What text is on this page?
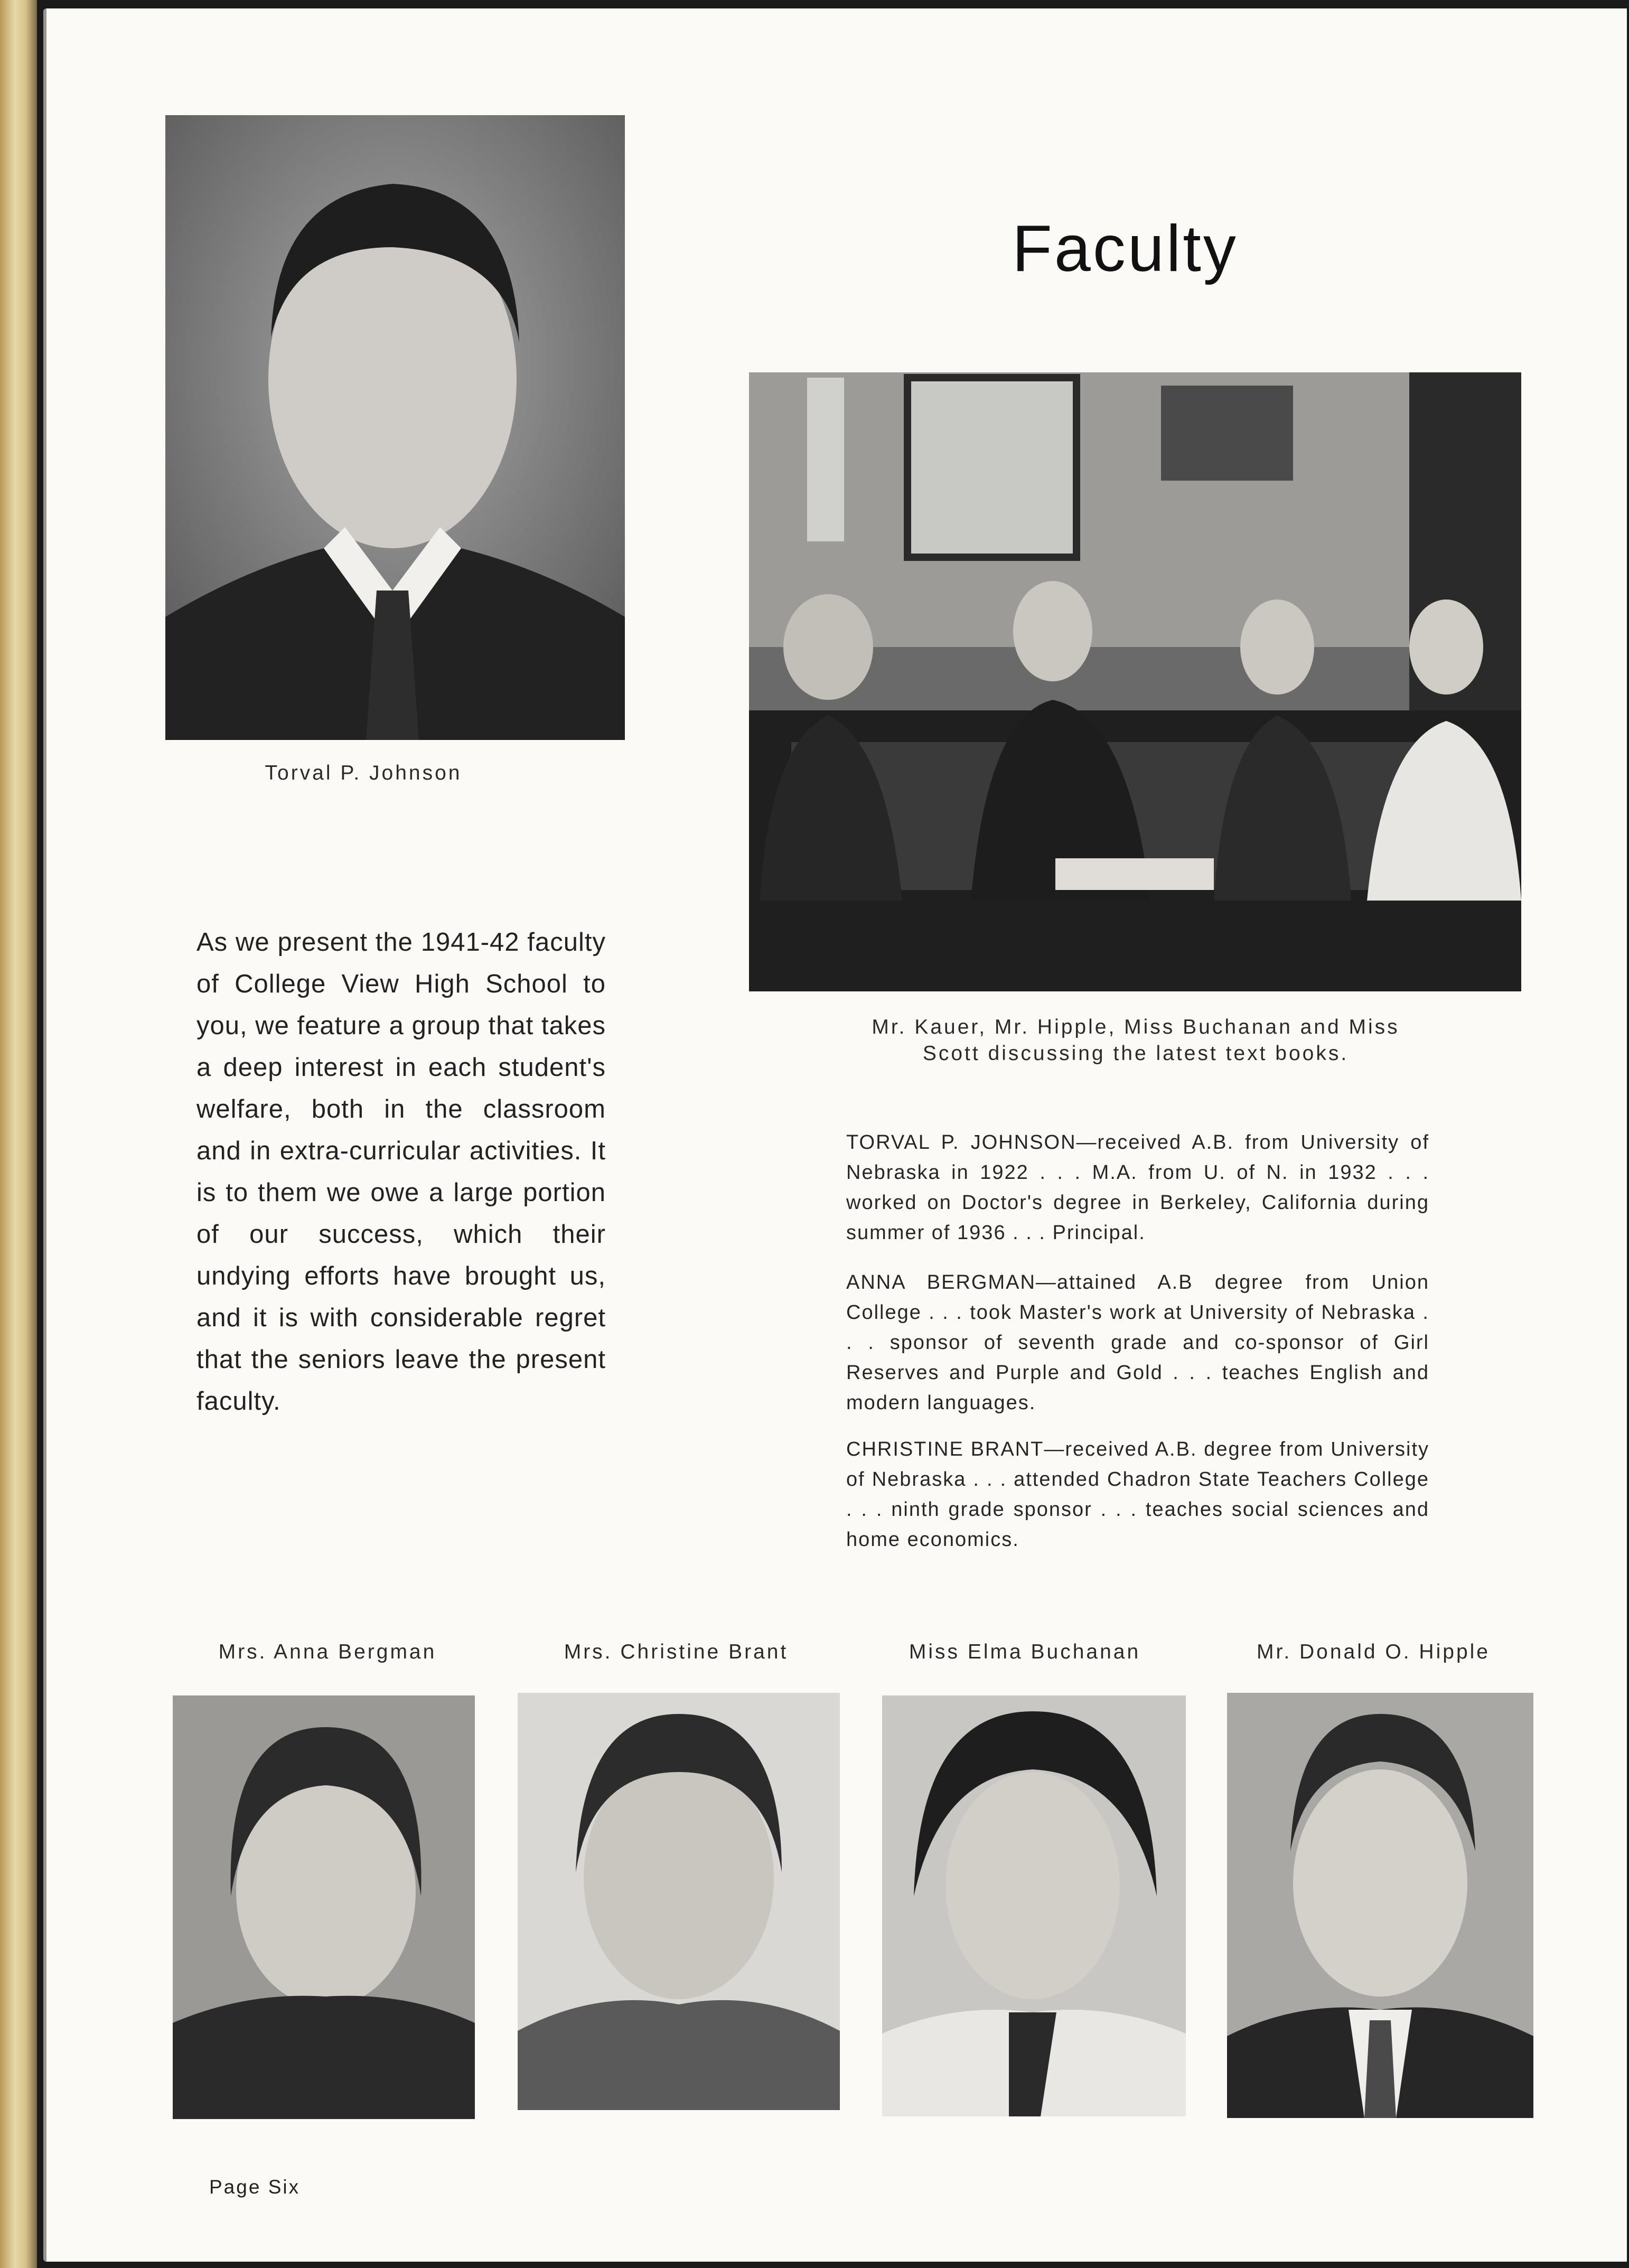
Torval P. Johnson
Faculty
Mr. Kauer, Mr. Hipple, Miss Buchanan and Miss Scott discussing the latest text books.
As we present the 1941-42 faculty of College View High School to you, we feature a group that takes a deep interest in each student's welfare, both in the classroom and in extra-curricular activities. It is to them we owe a large portion of our success, which their undying efforts have brought us, and it is with considerable regret that the seniors leave the present faculty.
TORVAL P. JOHNSON—received A.B. from University of Nebraska in 1922 . . . M.A. from U. of N. in 1932 . . . worked on Doctor's degree in Berkeley, California during summer of 1936 . . . Principal.
ANNA BERGMAN—attained A.B degree from Union College . . . took Master's work at University of Nebraska . . . sponsor of seventh grade and co-sponsor of Girl Reserves and Purple and Gold . . . teaches English and modern languages.
CHRISTINE BRANT—received A.B. degree from University of Nebraska . . . attended Chadron State Teachers College . . . ninth grade sponsor . . . teaches social sciences and home economics.
Mrs. Anna Bergman	Mrs. Christine Brant	Miss Elma Buchanan	Mr. Donald O. Hipple
Page Six
